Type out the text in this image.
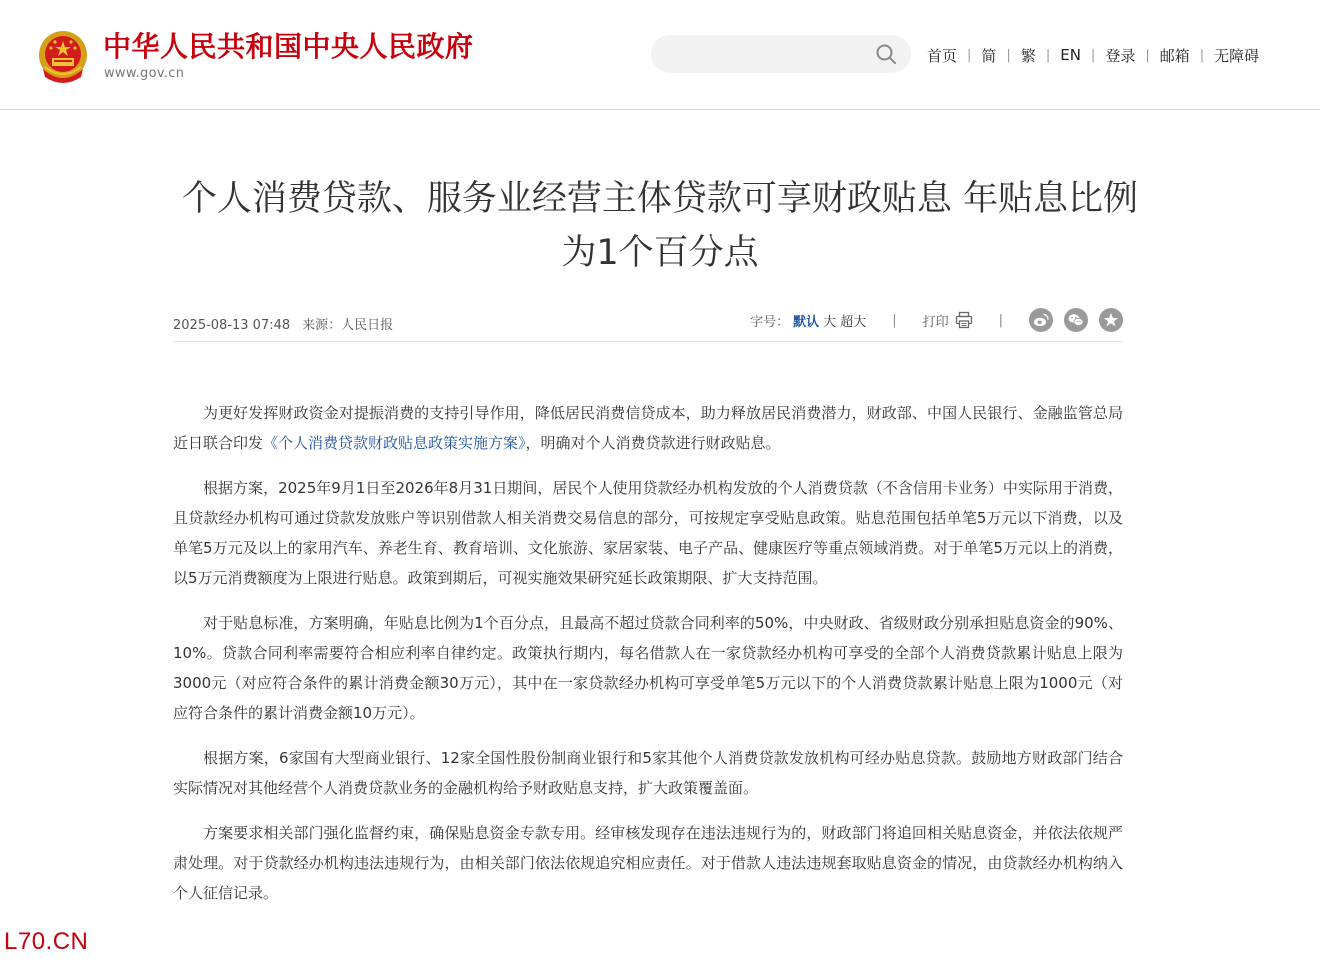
中华人民共和国中央人民政府
www.gov.cn
首页 | 简 | 繁 | EN | 登录 | 邮箱 | 无障碍
个人消费贷款、服务业经营主体贷款可享财政贴息 年贴息比例为1个百分点
2025-08-13 07:48 来源：人民日报	字号： 默认 大 超大 | 打印	|

为更好发挥财政资金对提振消费的支持引导作用，降低居民消费信贷成本，助力释放居民消费潜力，财政部、中国人民银行、金融监管总局近日联合印发《个人消费贷款财政贴息政策实施方案》，明确对个人消费贷款进行财政贴息。

根据方案，2025年9月1日至2026年8月31日期间，居民个人使用贷款经办机构发放的个人消费贷款（不含信用卡业务）中实际用于消费，且贷款经办机构可通过贷款发放账户等识别借款人相关消费交易信息的部分，可按规定享受贴息政策。贴息范围包括单笔5万元以下消费，以及单笔5万元及以上的家用汽车、养老生育、教育培训、文化旅游、家居家装、电子产品、健康医疗等重点领域消费。对于单笔5万元以上的消费，以5万元消费额度为上限进行贴息。政策到期后，可视实施效果研究延长政策期限、扩大支持范围。

对于贴息标准，方案明确，年贴息比例为1个百分点，且最高不超过贷款合同利率的50%，中央财政、省级财政分别承担贴息资金的90%、10%。贷款合同利率需要符合相应利率自律约定。政策执行期内，每名借款人在一家贷款经办机构可享受的全部个人消费贷款累计贴息上限为3000元（对应符合条件的累计消费金额30万元），其中在一家贷款经办机构可享受单笔5万元以下的个人消费贷款累计贴息上限为1000元（对应符合条件的累计消费金额10万元）。

根据方案，6家国有大型商业银行、12家全国性股份制商业银行和5家其他个人消费贷款发放机构可经办贴息贷款。鼓励地方财政部门结合实际情况对其他经营个人消费贷款业务的金融机构给予财政贴息支持，扩大政策覆盖面。

方案要求相关部门强化监督约束，确保贴息资金专款专用。经审核发现存在违法违规行为的，财政部门将追回相关贴息资金，并依法依规严肃处理。对于贷款经办机构违法违规行为，由相关部门依法依规追究相应责任。对于借款人违法违规套取贴息资金的情况，由贷款经办机构纳入个人征信记录。

L70.CN
